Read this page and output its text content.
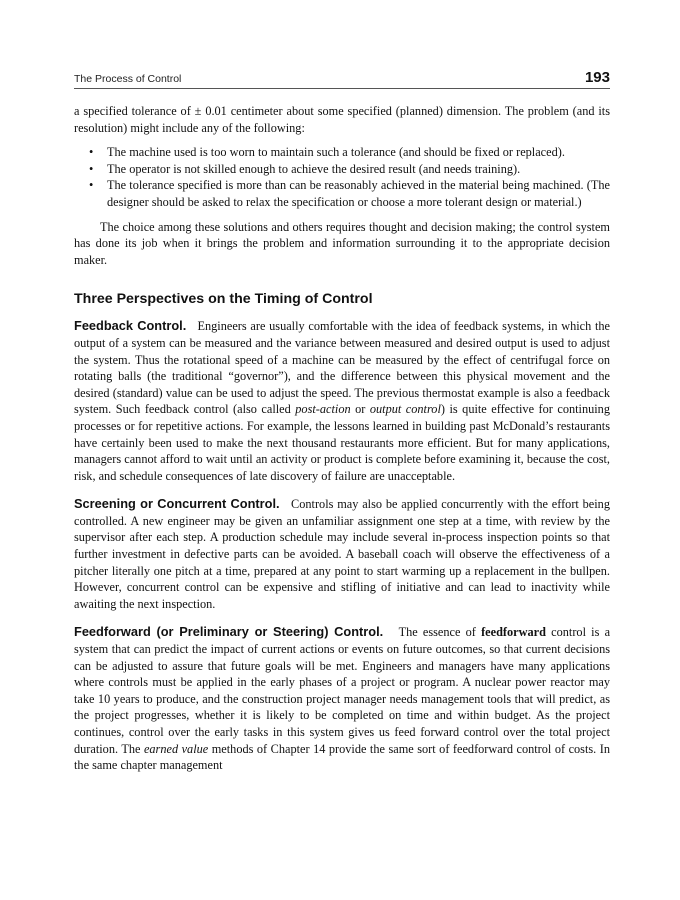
The Process of Control	193

a specified tolerance of ± 0.01 centimeter about some specified (planned) dimension. The problem (and its resolution) might include any of the following:

• The machine used is too worn to maintain such a tolerance (and should be fixed or replaced).
• The operator is not skilled enough to achieve the desired result (and needs training).
• The tolerance specified is more than can be reasonably achieved in the material being machined. (The designer should be asked to relax the specification or choose a more tolerant design or material.)

The choice among these solutions and others requires thought and decision making; the control system has done its job when it brings the problem and information surrounding it to the appropriate decision maker.

Three Perspectives on the Timing of Control

Feedback Control. Engineers are usually comfortable with the idea of feedback systems, in which the output of a system can be measured and the variance between measured and desired output is used to adjust the system. Thus the rotational speed of a machine can be measured by the effect of centrifugal force on rotating balls (the traditional “governor”), and the difference between this physical movement and the desired (standard) value can be used to adjust the speed. The previous thermostat example is also a feedback system. Such feedback control (also called post-action or output control) is quite effective for continuing processes or for repetitive actions. For example, the lessons learned in building past McDonald’s restaurants have certainly been used to make the next thousand restaurants more efficient. But for many applications, managers cannot afford to wait until an activity or product is complete before examining it, because the cost, risk, and schedule consequences of late discovery of failure are unacceptable.

Screening or Concurrent Control. Controls may also be applied concurrently with the effort being controlled. A new engineer may be given an unfamiliar assignment one step at a time, with review by the supervisor after each step. A production schedule may include several in-process inspection points so that further investment in defective parts can be avoided. A baseball coach will observe the effectiveness of a pitcher literally one pitch at a time, prepared at any point to start warming up a replacement in the bullpen. However, concurrent control can be expensive and stifling of initiative and can lead to inactivity while awaiting the next inspection.

Feedforward (or Preliminary or Steering) Control. The essence of feedforward control is a system that can predict the impact of current actions or events on future outcomes, so that current decisions can be adjusted to assure that future goals will be met. Engineers and managers have many applications where controls must be applied in the early phases of a project or program. A nuclear power reactor may take 10 years to produce, and the construction project manager needs management tools that will predict, as the project progresses, whether it is likely to be completed on time and within budget. As the project continues, control over the early tasks in this system gives us feed forward control over the total project duration. The earned value methods of Chapter 14 provide the same sort of feedforward control of costs. In the same chapter management
